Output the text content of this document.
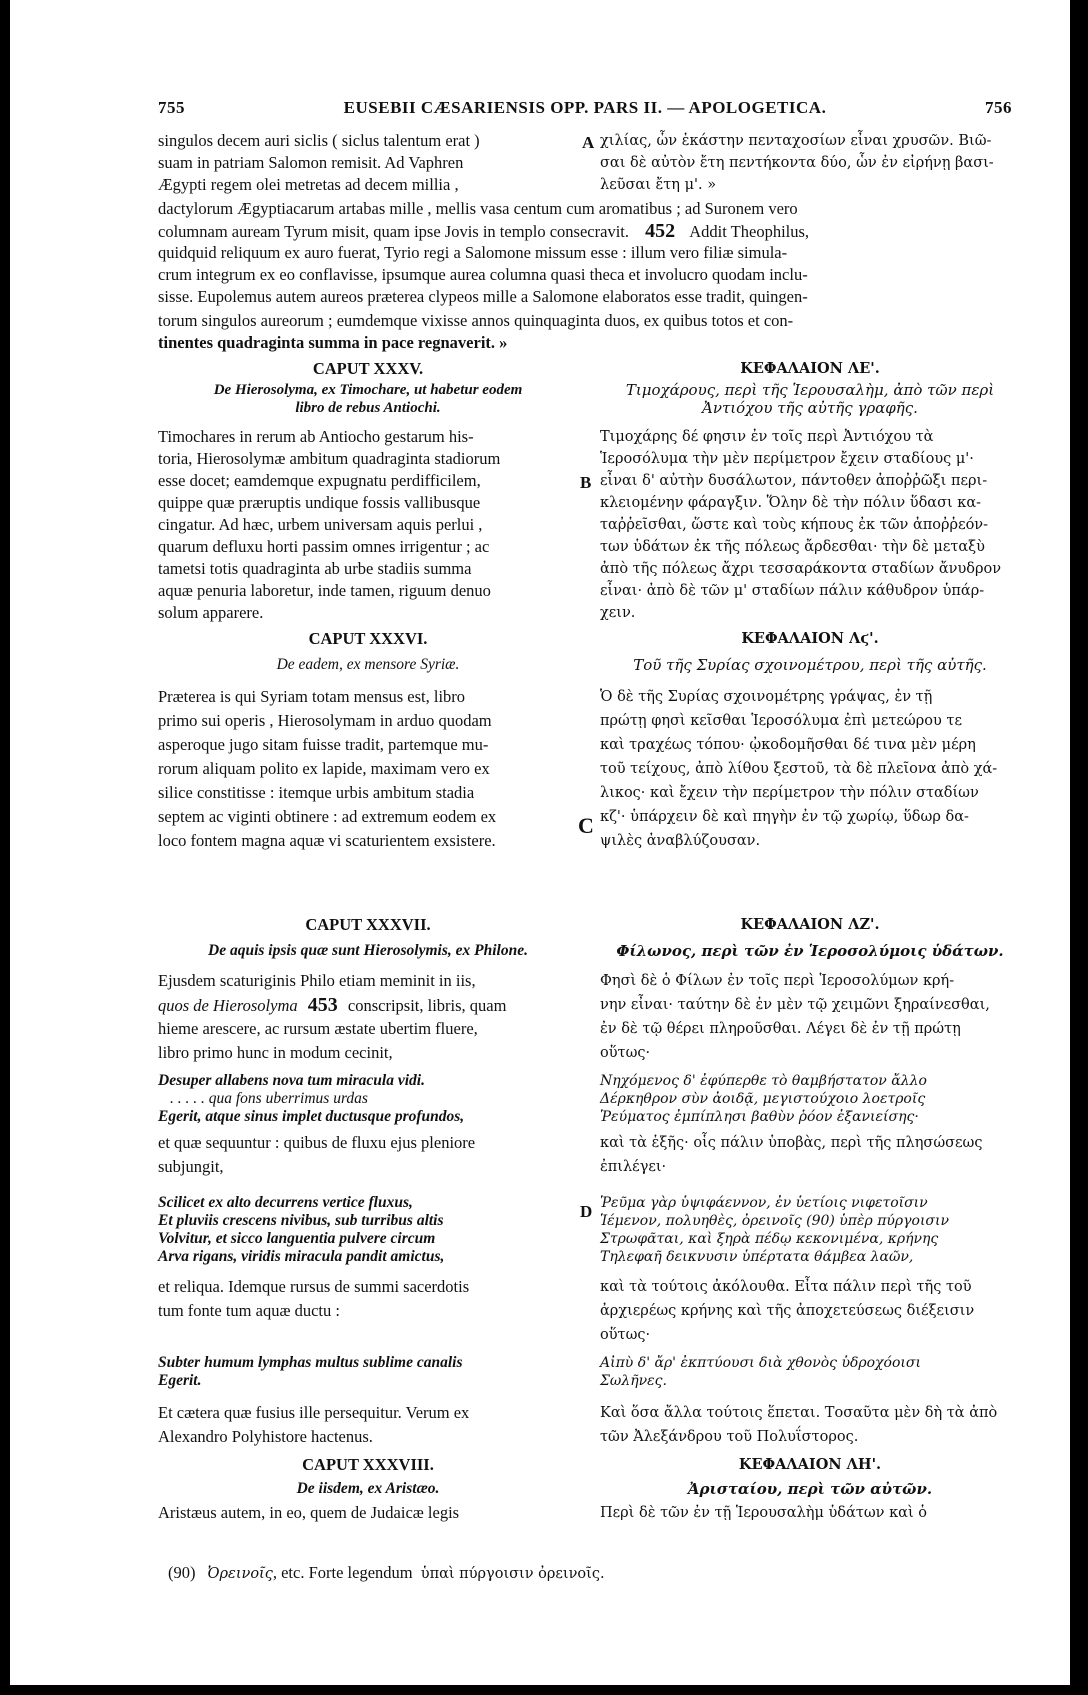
755	EUSEBII CÆSARIENSIS OPP. PARS II. — APOLOGETICA.	756
singulos decem auri siclis ( siclus talentum erat )
suam in patriam Salomon remisit. Ad Vaphren
Ægypti regem olei metretas ad decem millia ,
A χιλίας, ὧν ἑκάστην πενταχοσίων εἶναι χρυσῶν. Βιῶ-
σαι δὲ αὐτὸν ἔτη πεντήκοντα δύο, ὧν ἐν εἰρήνῃ βασι-
λεῦσαι ἔτη μ'. »
dactylorum Ægyptiacarum artabas mille , mellis vasa centum cum aromatibus ; ad Suronem vero
columnam auream Tyrum misit, quam ipse Jovis in templo consecravit. 452 Addit Theophilus,
quidquid reliquum ex auro fuerat, Tyrio regi a Salomone missum esse : illum vero filiæ simula-
crum integrum ex eo conflavisse, ipsumque aurea columna quasi theca et involucro quodam inclu-
sisse. Eupolemus autem aureos præterea clypeos mille a Salomone elaboratos esse tradit, quingen-
torum singulos aureorum ; eumdemque vixisse annos quinquaginta duos, ex quibus totos et con-
tinentes quadraginta summa in pace regnaverit. »
CAPUT XXXV.
De Hierosolyma, ex Timochare, ut habetur eodem
libro de rebus Antiochi.
Timochares in rerum ab Antiocho gestarum his-
toria, Hierosolymæ ambitum quadraginta stadiorum
esse docet; eamdemque expugnatu perdifficilem,
quippe quæ præruptis undique fossis vallibusque
cingatur. Ad hæc, urbem universam aquis perlui ,
quarum defluxu horti passim omnes irrigentur ; ac
tametsi totis quadraginta ab urbe stadiis summa
aquæ penuria laboretur, inde tamen, riguum denuo
solum apparere.
ΚΕΦΑΛΑΙΟΝ ΛΕ'.
Τιμοχάρους, περὶ τῆς Ἱερουσαλὴμ, ἀπὸ τῶν περὶ
Ἀντιόχου τῆς αὐτῆς γραφῆς.
B
Τιμοχάρης δέ φησιν ἐν τοῖς περὶ Ἀντιόχου τὰ
Ἱεροσόλυμα τὴν μὲν περίμετρον ἔχειν σταδίους μ'·
εἶναι δ' αὐτὴν δυσάλωτον, πάντοθεν ἀποῤῥῶξι περι-
κλειομένην φάραγξιν. Ὅλην δὲ τὴν πόλιν ὕδασι κα-
ταῤῥεῖσθαι, ὥστε καὶ τοὺς κήπους ἐκ τῶν ἀποῤῥεόν-
των ὑδάτων ἐκ τῆς πόλεως ἄρδεσθαι· τὴν δὲ μεταξὺ
ἀπὸ τῆς πόλεως ἄχρι τεσσαράκοντα σταδίων ἄνυδρον
εἶναι· ἀπὸ δὲ τῶν μ' σταδίων πάλιν κάθυδρον ὑπάρ-
χειν.
CAPUT XXXVI.
De eadem, ex mensore Syriæ.
Præterea is qui Syriam totam mensus est, libro
primo sui operis , Hierosolymam in arduo quodam
asperoque jugo sitam fuisse tradit, partemque mu-
rorum aliquam polito ex lapide, maximam vero ex
silice constitisse : itemque urbis ambitum stadia
septem ac viginti obtinere : ad extremum eodem ex
loco fontem magna aquæ vi scaturientem exsistere.
ΚΕΦΑΛΑΙΟΝ Λϛ'.
Τοῦ τῆς Συρίας σχοινομέτρου, περὶ τῆς αὐτῆς.
C
Ὁ δὲ τῆς Συρίας σχοινομέτρης γράψας, ἐν τῇ
πρώτῃ φησὶ κεῖσθαι Ἱεροσόλυμα ἐπὶ μετεώρου τε
καὶ τραχέως τόπου· ᾠκοδομῆσθαι δέ τινα μὲν μέρη
τοῦ τείχους, ἀπὸ λίθου ξεστοῦ, τὰ δὲ πλεῖονα ἀπὸ χά-
λικος· καὶ ἔχειν τὴν περίμετρον τὴν πόλιν σταδίων
κζ'· ὑπάρχειν δὲ καὶ πηγὴν ἐν τῷ χωρίῳ, ὕδωρ δα-
ψιλὲς ἀναβλύζουσαν.
CAPUT XXXVII.
De aquis ipsis quæ sunt Hierosolymis, ex Philone.
Ejusdem scaturiginis Philo etiam meminit in iis,
quos de Hierosolyma 453 conscripsit, libris, quam
hieme arescere, ac rursum æstate ubertim fluere,
libro primo hunc in modum cecinit,
Desuper allabens nova tum miracula vidi.
. . . . . qua fons uberrimus urdas
Egerit, atque sinus implet ductusque profundos,
et quæ sequuntur : quibus de fluxu ejus pleniore
subjungit,
Scilicet ex alto decurrens vertice fluxus,
Et pluviis crescens nivibus, sub turribus altis
Volvitur, et sicco languentia pulvere circum
Arva rigans, viridis miracula pandit amictus,
et reliqua. Idemque rursus de summi sacerdotis
tum fonte tum aquæ ductu :
Subter humum lymphas multus sublime canalis
Egerit.
Et cætera quæ fusius ille persequitur. Verum ex
Alexandro Polyhistore hactenus.
ΚΕΦΑΛΑΙΟΝ ΛΖ'.
Φίλωνος, περὶ τῶν ἐν Ἱεροσολύμοις ὑδάτων.
Φησὶ δὲ ὁ Φίλων ἐν τοῖς περὶ Ἱεροσολύμων κρή-
νην εἶναι· ταύτην δὲ ἐν μὲν τῷ χειμῶνι ξηραίνεσθαι,
ἐν δὲ τῷ θέρει πληροῦσθαι. Λέγει δὲ ἐν τῇ πρώτῃ
οὕτως·
Νηχόμενος δ' ἐφύπερθε τὸ θαμβήστατον ἄλλο
Δέρκηθρον σὺν ἀοιδᾷ, μεγιστούχοιο λοετροῖς
Ῥεύματος ἐμπίπλησι βαθὺν ῥόον ἐξανιείσης·
καὶ τὰ ἑξῆς· οἷς πάλιν ὑποβὰς, περὶ τῆς πλησώσεως
ἐπιλέγει·
D Ῥεῦμα γὰρ ὑψιφάεννον, ἐν ὑετίοις νιφετοῖσιν
Ἱέμενον, πολυηθὲς, ὀρεινοῖς (90) ὑπὲρ πύργοισιν
Στρωφᾶται, καὶ ξηρὰ πέδῳ κεκονιμένα, κρήνης
Τηλεφαῆ δεικνυσιν ὑπέρτατα θάμβεα λαῶν,
καὶ τὰ τούτοις ἀκόλουθα. Εἶτα πάλιν περὶ τῆς τοῦ
ἀρχιερέως κρήνης καὶ τῆς ἀποχετεύσεως διέξεισιν
οὕτως·
Αἰπὺ δ' ἄρ' ἐκπτύουσι διὰ χθονὸς ὑδροχόοισι
Σωλῆνες.
Καὶ ὅσα ἄλλα τούτοις ἕπεται. Τοσαῦτα μὲν δὴ τὰ ἀπὸ
τῶν Ἀλεξάνδρου τοῦ Πολυΐστορος.
CAPUT XXXVIII.
De iisdem, ex Aristæo.
Aristæus autem, in eo, quem de Judaicæ legis
ΚΕΦΑΛΑΙΟΝ ΛΗ'.
Ἀρισταίου, περὶ τῶν αὐτῶν.
Περὶ δὲ τῶν ἐν τῇ Ἱερουσαλὴμ ὑδάτων καὶ ὁ
(90) Ὀρεινοῖς, etc. Forte legendum ὑπαὶ πύργοισιν ὀρεινοῖς.
